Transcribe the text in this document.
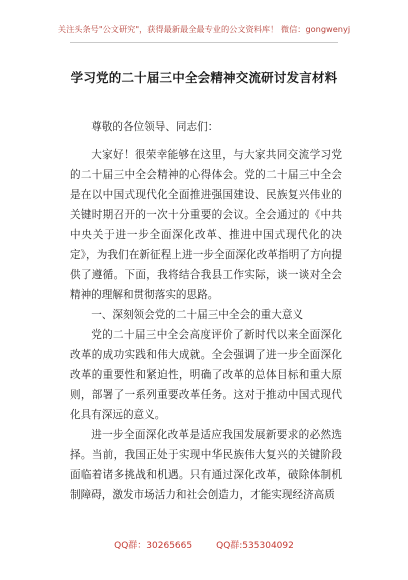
关注头条号"公文研究"，获得最新最全最专业的公文资料库！ 微信：gongwenyj
学习党的二十届三中全会精神交流研讨发言材料

尊敬的各位领导、同志们：

大家好！很荣幸能够在这里，与大家共同交流学习党的二十届三中全会精神的心得体会。党的二十届三中全会是在以中国式现代化全面推进强国建设、民族复兴伟业的关键时期召开的一次十分重要的会议。全会通过的《中共中央关于进一步全面深化改革、推进中国式现代化的决定》，为我们在新征程上进一步全面深化改革指明了方向提供了遵循。下面，我将结合我县工作实际，谈一谈对全会精神的理解和贯彻落实的思路。

一、深刻领会党的二十届三中全会的重大意义

党的二十届三中全会高度评价了新时代以来全面深化改革的成功实践和伟大成就。全会强调了进一步全面深化改革的重要性和紧迫性，明确了改革的总体目标和重大原则，部署了一系列重要改革任务。这对于推动中国式现代化具有深远的意义。

进一步全面深化改革是适应我国发展新要求的必然选择。当前，我国正处于实现中华民族伟大复兴的关键阶段面临着诸多挑战和机遇。只有通过深化改革，破除体制机制障碍，激发市场活力和社会创造力，才能实现经济高质

QQ群：30265665	QQ群:535304092
